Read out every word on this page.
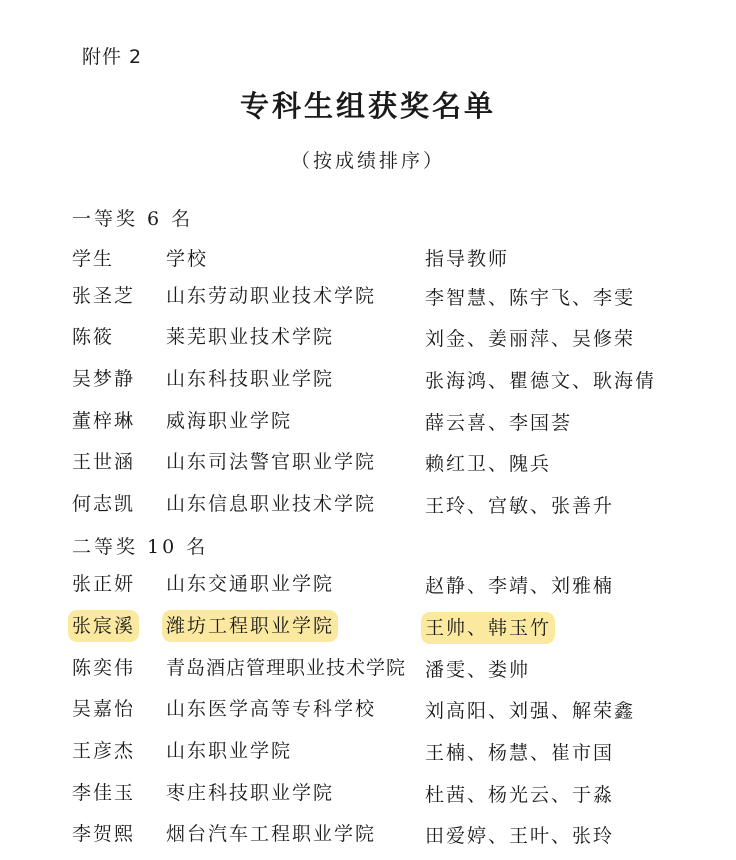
附件 2
专科生组获奖名单
（按成绩排序）
一等奖 6 名
学生	学校	指导教师
张圣芝 山东劳动职业技术学院	李智慧、陈宇飞、李雯
陈筱	莱芜职业技术学院	刘金、姜丽萍、吴修荣
吴梦静 山东科技职业学院	张海鸿、瞿德文、耿海倩
董梓琳 威海职业学院	薛云喜、李国荟
王世涵 山东司法警官职业学院	赖红卫、隗兵
何志凯 山东信息职业技术学院	王玲、宫敏、张善升
二等奖 10 名
张正妍 山东交通职业学院	赵静、李靖、刘雅楠
张宸溪 潍坊工程职业学院	王帅、韩玉竹
陈奕伟 青岛酒店管理职业技术学院 潘雯、娄帅
吴嘉怡 山东医学高等专科学校	刘高阳、刘强、解荣鑫
王彦杰 山东职业学院	王楠、杨慧、崔市国
李佳玉 枣庄科技职业学院	杜茜、杨光云、于淼
李贺熙 烟台汽车工程职业学院	田爱婷、王叶、张玲
